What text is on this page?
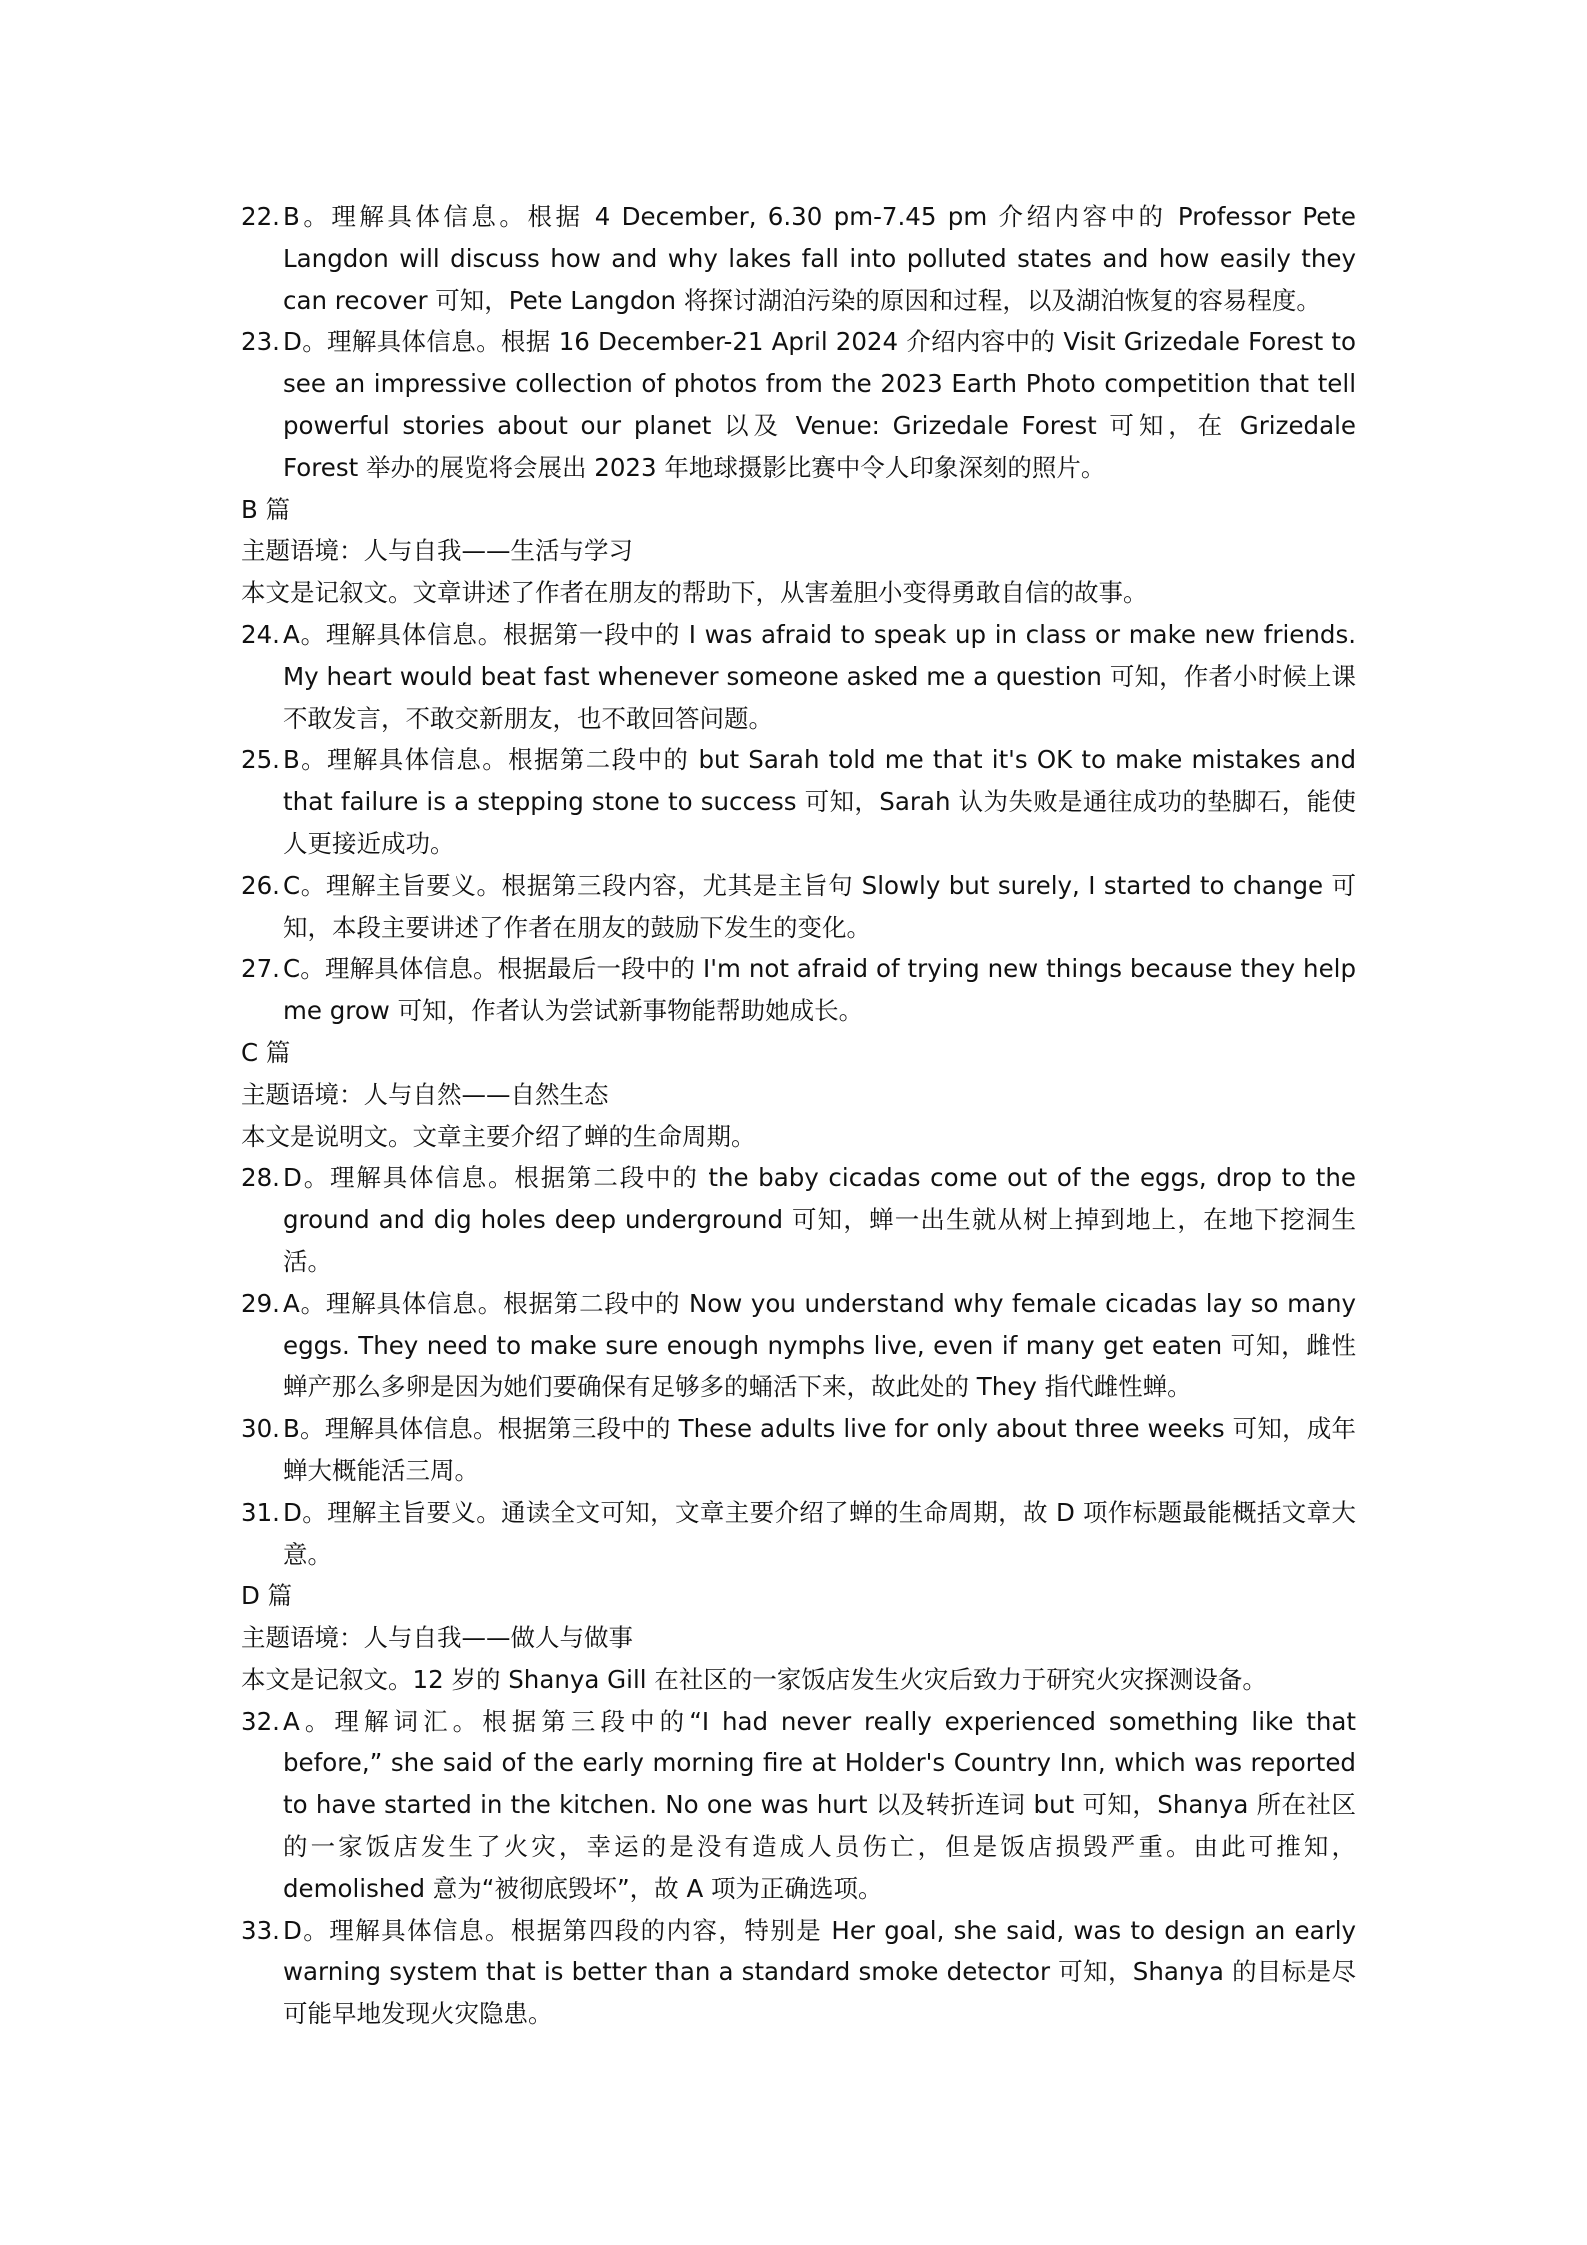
22. B。理解具体信息。根据 4 December, 6.30 pm-7.45 pm 介绍内容中的 Professor Pete Langdon will discuss how and why lakes fall into polluted states and how easily they can recover 可知，Pete Langdon 将探讨湖泊污染的原因和过程，以及湖泊恢复的容易程度。
23. D。理解具体信息。根据 16 December-21 April 2024 介绍内容中的 Visit Grizedale Forest to see an impressive collection of photos from the 2023 Earth Photo competition that tell powerful stories about our planet 以及 Venue: Grizedale Forest 可知，在 Grizedale Forest 举办的展览将会展出 2023 年地球摄影比赛中令人印象深刻的照片。

B 篇

主题语境：人与自我——生活与学习

本文是记叙文。文章讲述了作者在朋友的帮助下，从害羞胆小变得勇敢自信的故事。

24. A。理解具体信息。根据第一段中的 I was afraid to speak up in class or make new friends. My heart would beat fast whenever someone asked me a question 可知，作者小时候上课不敢发言，不敢交新朋友，也不敢回答问题。
25. B。理解具体信息。根据第二段中的 but Sarah told me that it's OK to make mistakes and that failure is a stepping stone to success 可知，Sarah 认为失败是通往成功的垫脚石，能使人更接近成功。
26. C。理解主旨要义。根据第三段内容，尤其是主旨句 Slowly but surely, I started to change 可知，本段主要讲述了作者在朋友的鼓励下发生的变化。
27. C。理解具体信息。根据最后一段中的 I'm not afraid of trying new things because they help me grow 可知，作者认为尝试新事物能帮助她成长。

C 篇

主题语境：人与自然——自然生态

本文是说明文。文章主要介绍了蝉的生命周期。

28. D。理解具体信息。根据第二段中的 the baby cicadas come out of the eggs, drop to the ground and dig holes deep underground 可知，蝉一出生就从树上掉到地上，在地下挖洞生活。
29. A。理解具体信息。根据第二段中的 Now you understand why female cicadas lay so many eggs. They need to make sure enough nymphs live, even if many get eaten 可知，雌性蝉产那么多卵是因为她们要确保有足够多的蛹活下来，故此处的 They 指代雌性蝉。
30. B。理解具体信息。根据第三段中的 These adults live for only about three weeks 可知，成年蝉大概能活三周。
31. D。理解主旨要义。通读全文可知，文章主要介绍了蝉的生命周期，故 D 项作标题最能概括文章大意。

D 篇

主题语境：人与自我——做人与做事

本文是记叙文。12 岁的 Shanya Gill 在社区的一家饭店发生火灾后致力于研究火灾探测设备。

32. A。理解词汇。根据第三段中的“I had never really experienced something like that before,” she said of the early morning fire at Holder's Country Inn, which was reported to have started in the kitchen. No one was hurt 以及转折连词 but 可知，Shanya 所在社区的一家饭店发生了火灾，幸运的是没有造成人员伤亡，但是饭店损毁严重。由此可推知，demolished 意为“被彻底毁坏”，故 A 项为正确选项。
33. D。理解具体信息。根据第四段的内容，特别是 Her goal, she said, was to design an early warning system that is better than a standard smoke detector 可知，Shanya 的目标是尽可能早地发现火灾隐患。
